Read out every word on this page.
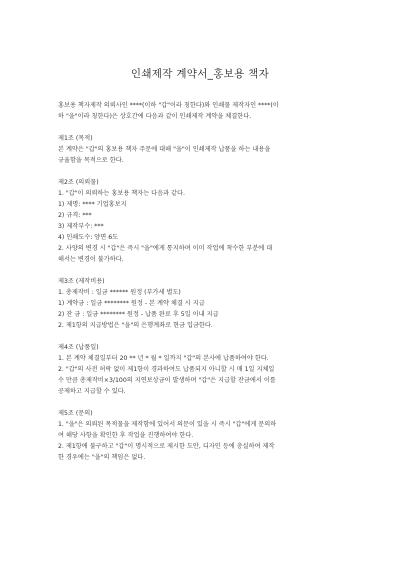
인쇄제작 계약서_홍보용 책자
홍보용 책자제작 의뢰사인 ****(이하 "갑"이라 칭한다)와 인쇄물 제작자인 ****(이
하 "을"이라 칭한다)은 상호간에 다음과 같이 인쇄제작 계약을 체결한다.
제1조 (목적)
본 계약은 "갑"의 홍보용 책자 주문에 대해 "을"이 인쇄제작 납품을 하는 내용을
규율함을 목적으로 한다.
제2조 (의뢰물)
1. "갑"이 의뢰하는 홍보용 책자는 다음과 같다.
1) 제명: **** 기업홍보지
2) 규격: ***
3) 제작부수: ***
4) 인쇄도수: 양면 6도
2. 사양의 변경 시 "갑"은 즉시 "을"에게 통지하며 이미 작업에 착수한 부분에 대
해서는 변경이 불가하다.
제3조 (제작비용)
1. 총제작비 : 일금 ****** 원정 (부가세 별도)
1) 계약금 : 일금 ******** 원정 - 본 계약 체결 시 지급
2) 잔 금 : 일금 ******** 원정 - 납품 완료 후 5일 이내 지급
2. 제1항의 지급방법은 "을"의 은행계좌로 현금 입금한다.
제4조 (납품일)
1. 본 계약 체결일부터 20 ** 년 * 월 * 일까지 "갑"의 본사에 납품하여야 한다.
2. "갑"의 사전 허락 없이 제1항이 경과하여도 납품되지 아니할 시 매 1일 지체일
수 만큼 총제작비×3/100의 지연보상금이 발생하며 "갑"은 지급할 잔금에서 이를
공제하고 지급할 수 있다.
제5조 (문의)
1. "을"은 의뢰된 목적물을 제작함에 있어서 의문이 있을 시 즉시 "갑"에게 문의하
여 해당 사항을 확인한 후 작업을 진행하여야 한다.
2. 제1항에 불구하고 "갑"이 명시적으로 제시한 도안, 디자인 등에 충실하여 제작
한 경우에는 "을"의 책임은 없다.
